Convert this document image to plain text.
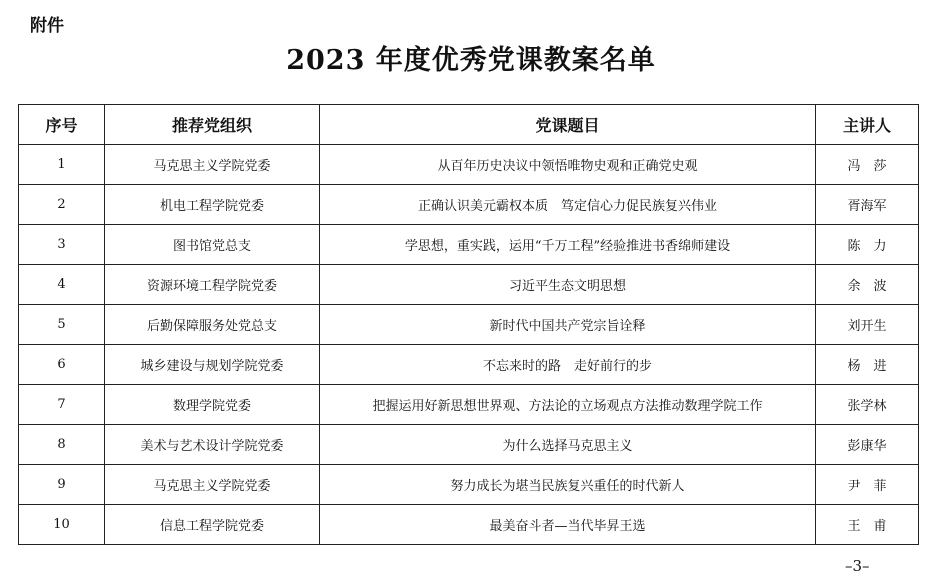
附件
2023 年度优秀党课教案名单
序号	推荐党组织	党课题目	主讲人
1	马克思主义学院党委	从百年历史决议中领悟唯物史观和正确党史观	冯　莎
2	机电工程学院党委	正确认识美元霸权本质　笃定信心力促民族复兴伟业	胥海军
3	图书馆党总支	学思想，重实践，运用“千万工程”经验推进书香绵师建设	陈　力
4	资源环境工程学院党委	习近平生态文明思想	余　波
5	后勤保障服务处党总支	新时代中国共产党宗旨诠释	刘开生
6	城乡建设与规划学院党委	不忘来时的路　走好前行的步	杨　进
7	数理学院党委	把握运用好新思想世界观、方法论的立场观点方法推动数理学院工作	张学林
8	美术与艺术设计学院党委	为什么选择马克思主义	彭康华
9	马克思主义学院党委	努力成长为堪当民族复兴重任的时代新人	尹　菲
10	信息工程学院党委	最美奋斗者—当代毕昇王选	王　甫
–3–
